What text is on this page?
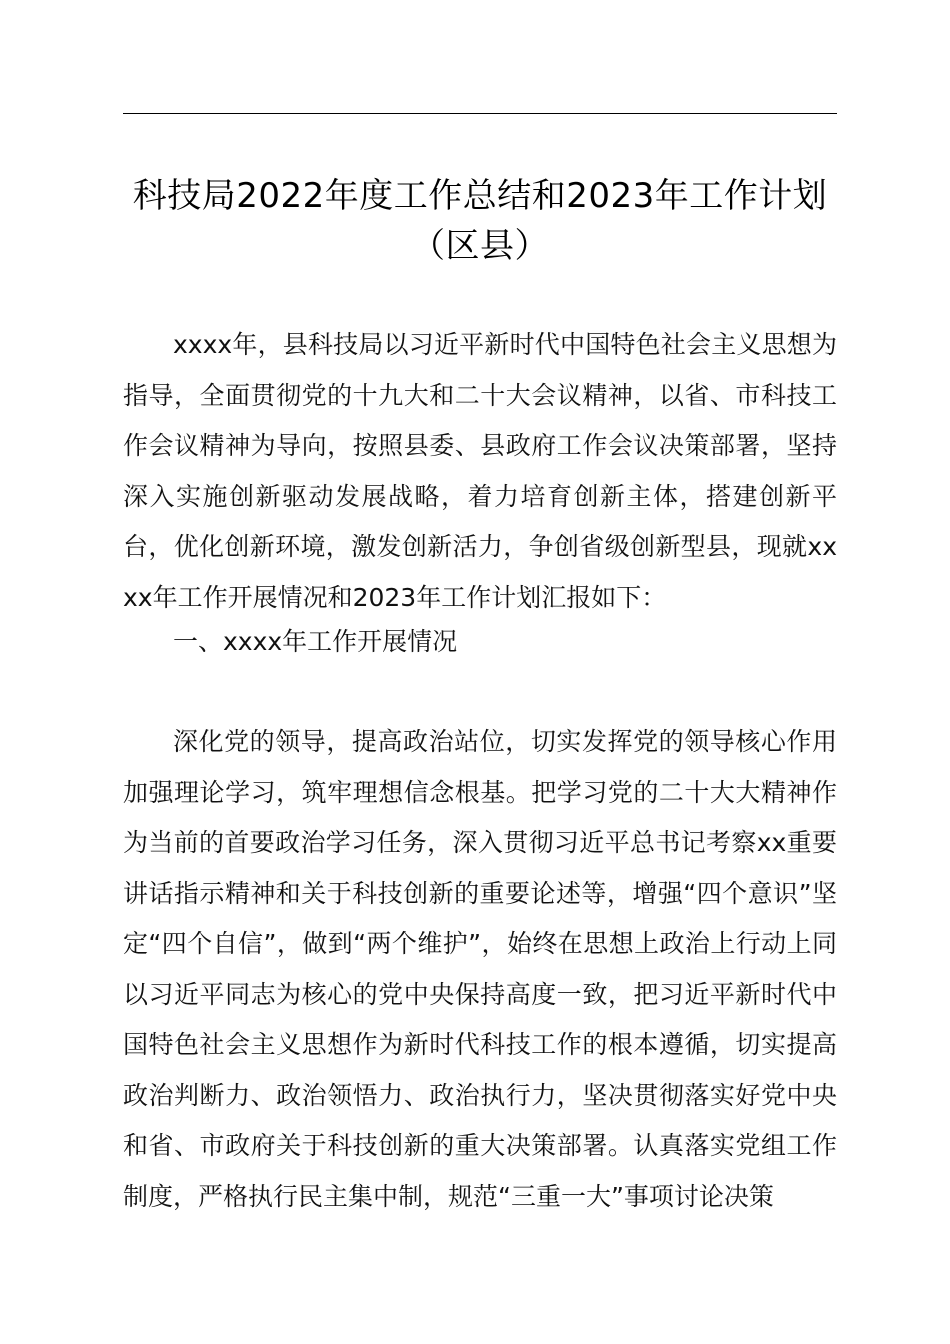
科技局2022年度工作总结和2023年工作计划
（区县）

xxxx年，县科技局以习近平新时代中国特色社会主义思想为指导，全面贯彻党的十九大和二十大会议精神，以省、市科技工作会议精神为导向，按照县委、县政府工作会议决策部署，坚持深入实施创新驱动发展战略，着力培育创新主体，搭建创新平台，优化创新环境，激发创新活力，争创省级创新型县，现就xxxx年工作开展情况和2023年工作计划汇报如下：

一、xxxx年工作开展情况

深化党的领导，提高政治站位，切实发挥党的领导核心作用加强理论学习，筑牢理想信念根基。把学习党的二十大大精神作为当前的首要政治学习任务，深入贯彻习近平总书记考察xx重要讲话指示精神和关于科技创新的重要论述等，增强“四个意识”坚定“四个自信”，做到“两个维护”，始终在思想上政治上行动上同以习近平同志为核心的党中央保持高度一致，把习近平新时代中国特色社会主义思想作为新时代科技工作的根本遵循，切实提高政治判断力、政治领悟力、政治执行力，坚决贯彻落实好党中央和省、市政府关于科技创新的重大决策部署。认真落实党组工作制度，严格执行民主集中制，规范“三重一大”事项讨论决策
